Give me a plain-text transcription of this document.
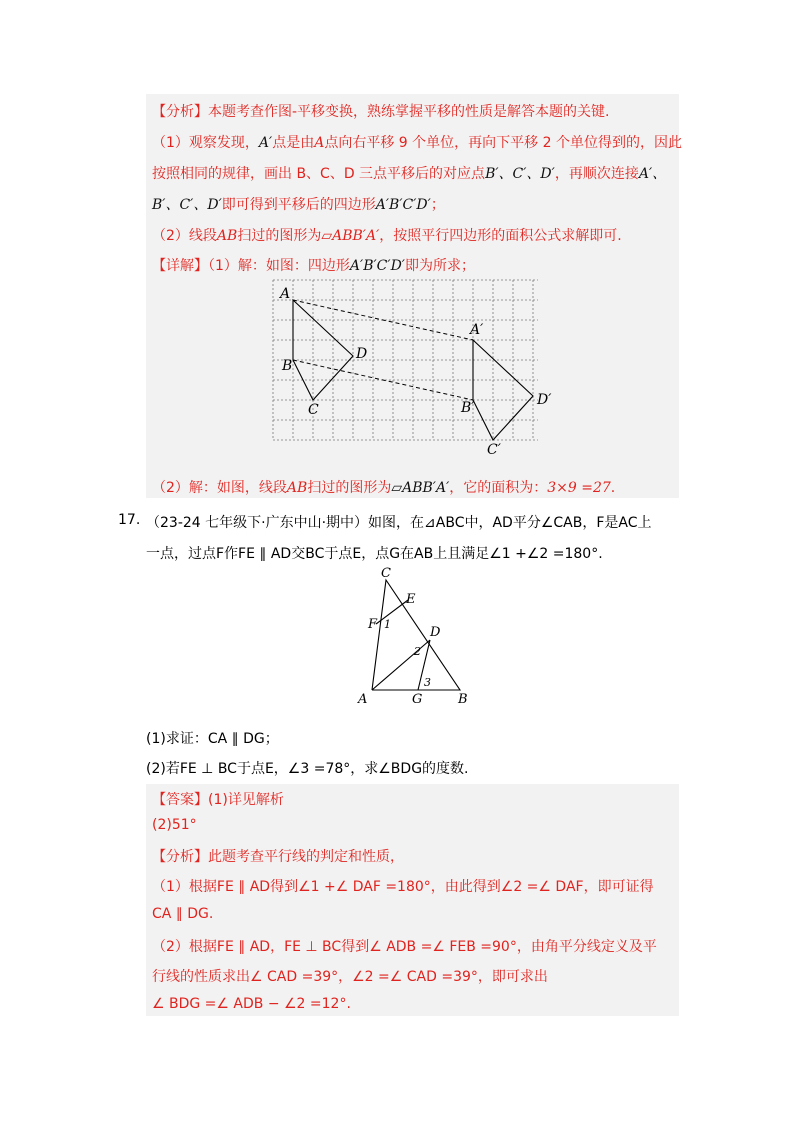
【分析】本题考查作图-平移变换，熟练掌握平移的性质是解答本题的关键.
（1）观察发现，A′点是由A点向右平移 9 个单位，再向下平移 2 个单位得到的，因此
按照相同的规律，画出 B、C、D 三点平移后的对应点B′、C′、D′，再顺次连接A′、
B′、C′、D′即可得到平移后的四边形A′B′C′D′；
（2）线段AB扫过的图形为▱ABB′A′，按照平行四边形的面积公式求解即可.
【详解】（1）解：如图：四边形A′B′C′D′即为所求；
A
B
C
D
A′
B′
C′
D′
（2）解：如图，线段AB扫过的图形为▱ABB′A′，它的面积为：3×9 =27.
17. （23-24 七年级下·广东中山·期中）如图，在⊿ABC中，AD平分∠CAB，F是AC上
一点，过点F作FE ∥ AD交BC于点E，点G在AB上且满足∠1 +∠2 =180°.
C
E
F 1
D
2
3
A	G	B
(1)求证：CA ∥ DG；
(2)若FE ⊥ BC于点E，∠3 =78°，求∠BDG的度数.
【答案】(1)详见解析
(2)51°
【分析】此题考查平行线的判定和性质，
（1）根据FE ∥ AD得到∠1 +∠ DAF =180°，由此得到∠2 =∠ DAF，即可证得
CA ∥ DG.
（2）根据FE ∥ AD，FE ⊥ BC得到∠ ADB =∠ FEB =90°，由角平分线定义及平
行线的性质求出∠ CAD =39°，∠2 =∠ CAD =39°，即可求出
∠ BDG =∠ ADB − ∠2 =12°.
